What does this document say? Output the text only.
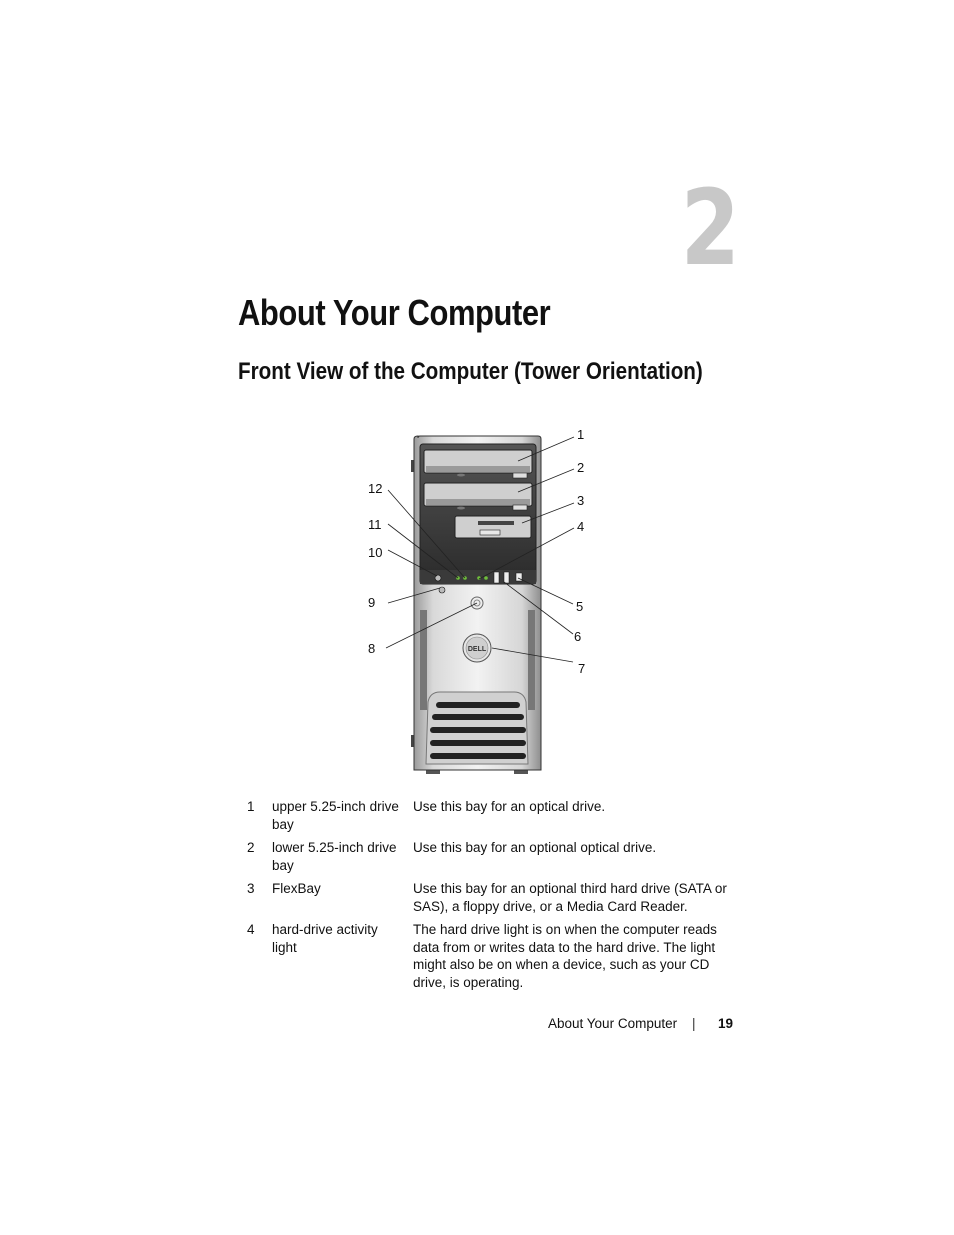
2
About Your Computer
Front View of the Computer (Tower Orientation)
DELL
1
2
3
4
5
6
7
8
9
10
11
12
1 upper 5.25-inch drive bay
Use this bay for an optical drive.
2 lower 5.25-inch drive bay
Use this bay for an optional optical drive.
3 FlexBay	Use this bay for an optional third hard drive (SATA or SAS), a floppy drive, or a Media Card Reader.
4 hard-drive activity light
The hard drive light is on when the computer reads data from or writes data to the hard drive. The light might also be on when a device, such as your CD drive, is operating.
About Your Computer | 19
